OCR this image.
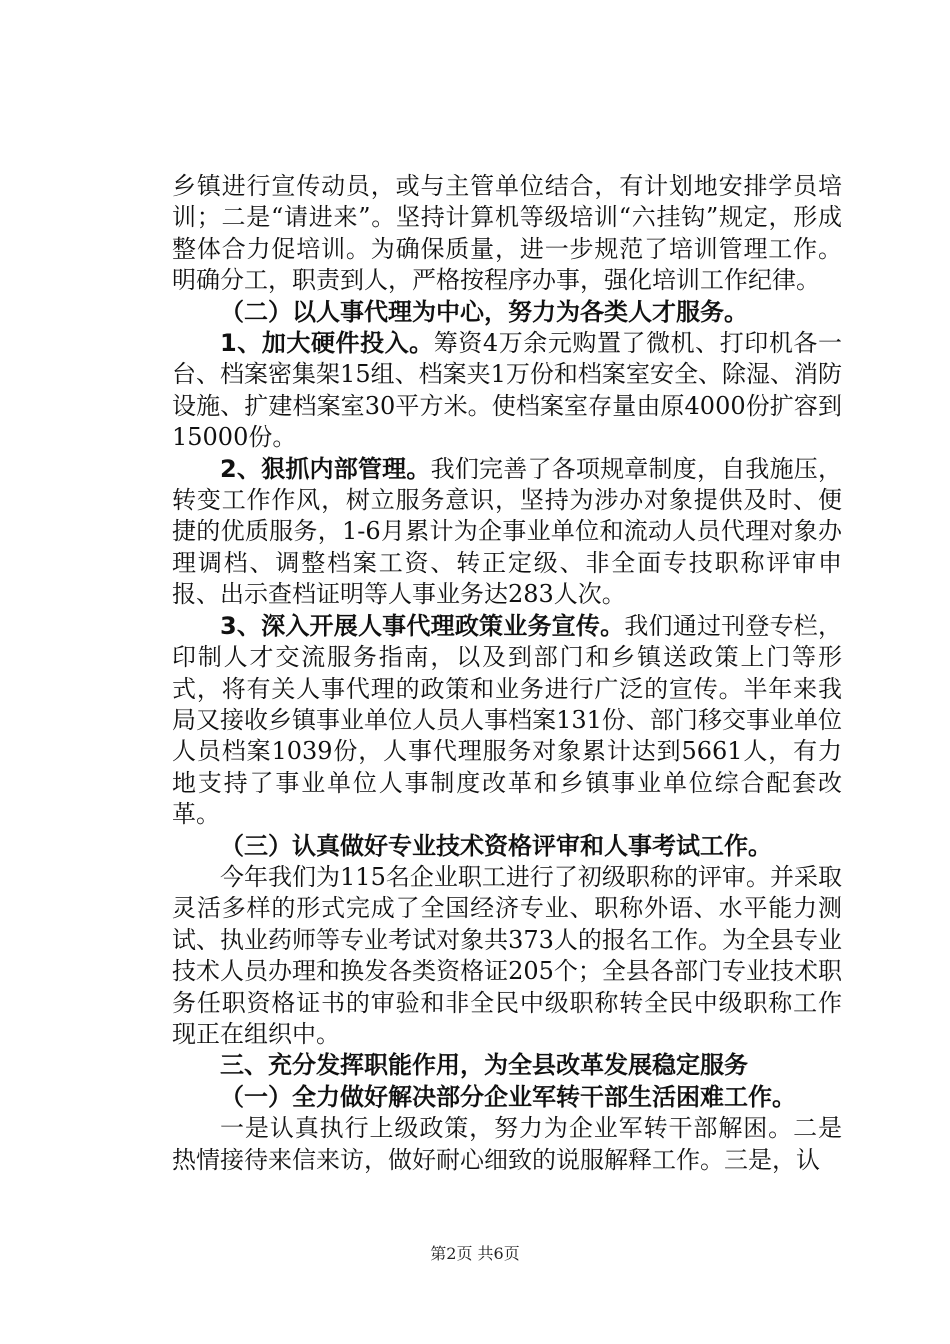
乡镇进行宣传动员，或与主管单位结合，有计划地安排学员培训；二是“请进来”。坚持计算机等级培训“六挂钩”规定，形成整体合力促培训。为确保质量，进一步规范了培训管理工作。明确分工，职责到人，严格按程序办事，强化培训工作纪律。

（二）以人事代理为中心，努力为各类人才服务。

1、加大硬件投入。筹资4万余元购置了微机、打印机各一台、档案密集架15组、档案夹1万份和档案室安全、除湿、消防设施、扩建档案室30平方米。使档案室存量由原4000份扩容到15000份。

2、狠抓内部管理。我们完善了各项规章制度，自我施压，转变工作作风，树立服务意识，坚持为涉办对象提供及时、便捷的优质服务，1-6月累计为企事业单位和流动人员代理对象办理调档、调整档案工资、转正定级、非全面专技职称评审申报、出示查档证明等人事业务达283人次。

3、深入开展人事代理政策业务宣传。我们通过刊登专栏，印制人才交流服务指南，以及到部门和乡镇送政策上门等形式，将有关人事代理的政策和业务进行广泛的宣传。半年来我局又接收乡镇事业单位人员人事档案131份、部门移交事业单位人员档案1039份，人事代理服务对象累计达到5661人，有力地支持了事业单位人事制度改革和乡镇事业单位综合配套改革。

（三）认真做好专业技术资格评审和人事考试工作。

今年我们为115名企业职工进行了初级职称的评审。并采取灵活多样的形式完成了全国经济专业、职称外语、水平能力测试、执业药师等专业考试对象共373人的报名工作。为全县专业技术人员办理和换发各类资格证205个；全县各部门专业技术职务任职资格证书的审验和非全民中级职称转全民中级职称工作现正在组织中。

三、充分发挥职能作用，为全县改革发展稳定服务

（一）全力做好解决部分企业军转干部生活困难工作。

一是认真执行上级政策，努力为企业军转干部解困。二是热情接待来信来访，做好耐心细致的说服解释工作。三是，认

第2页 共6页
